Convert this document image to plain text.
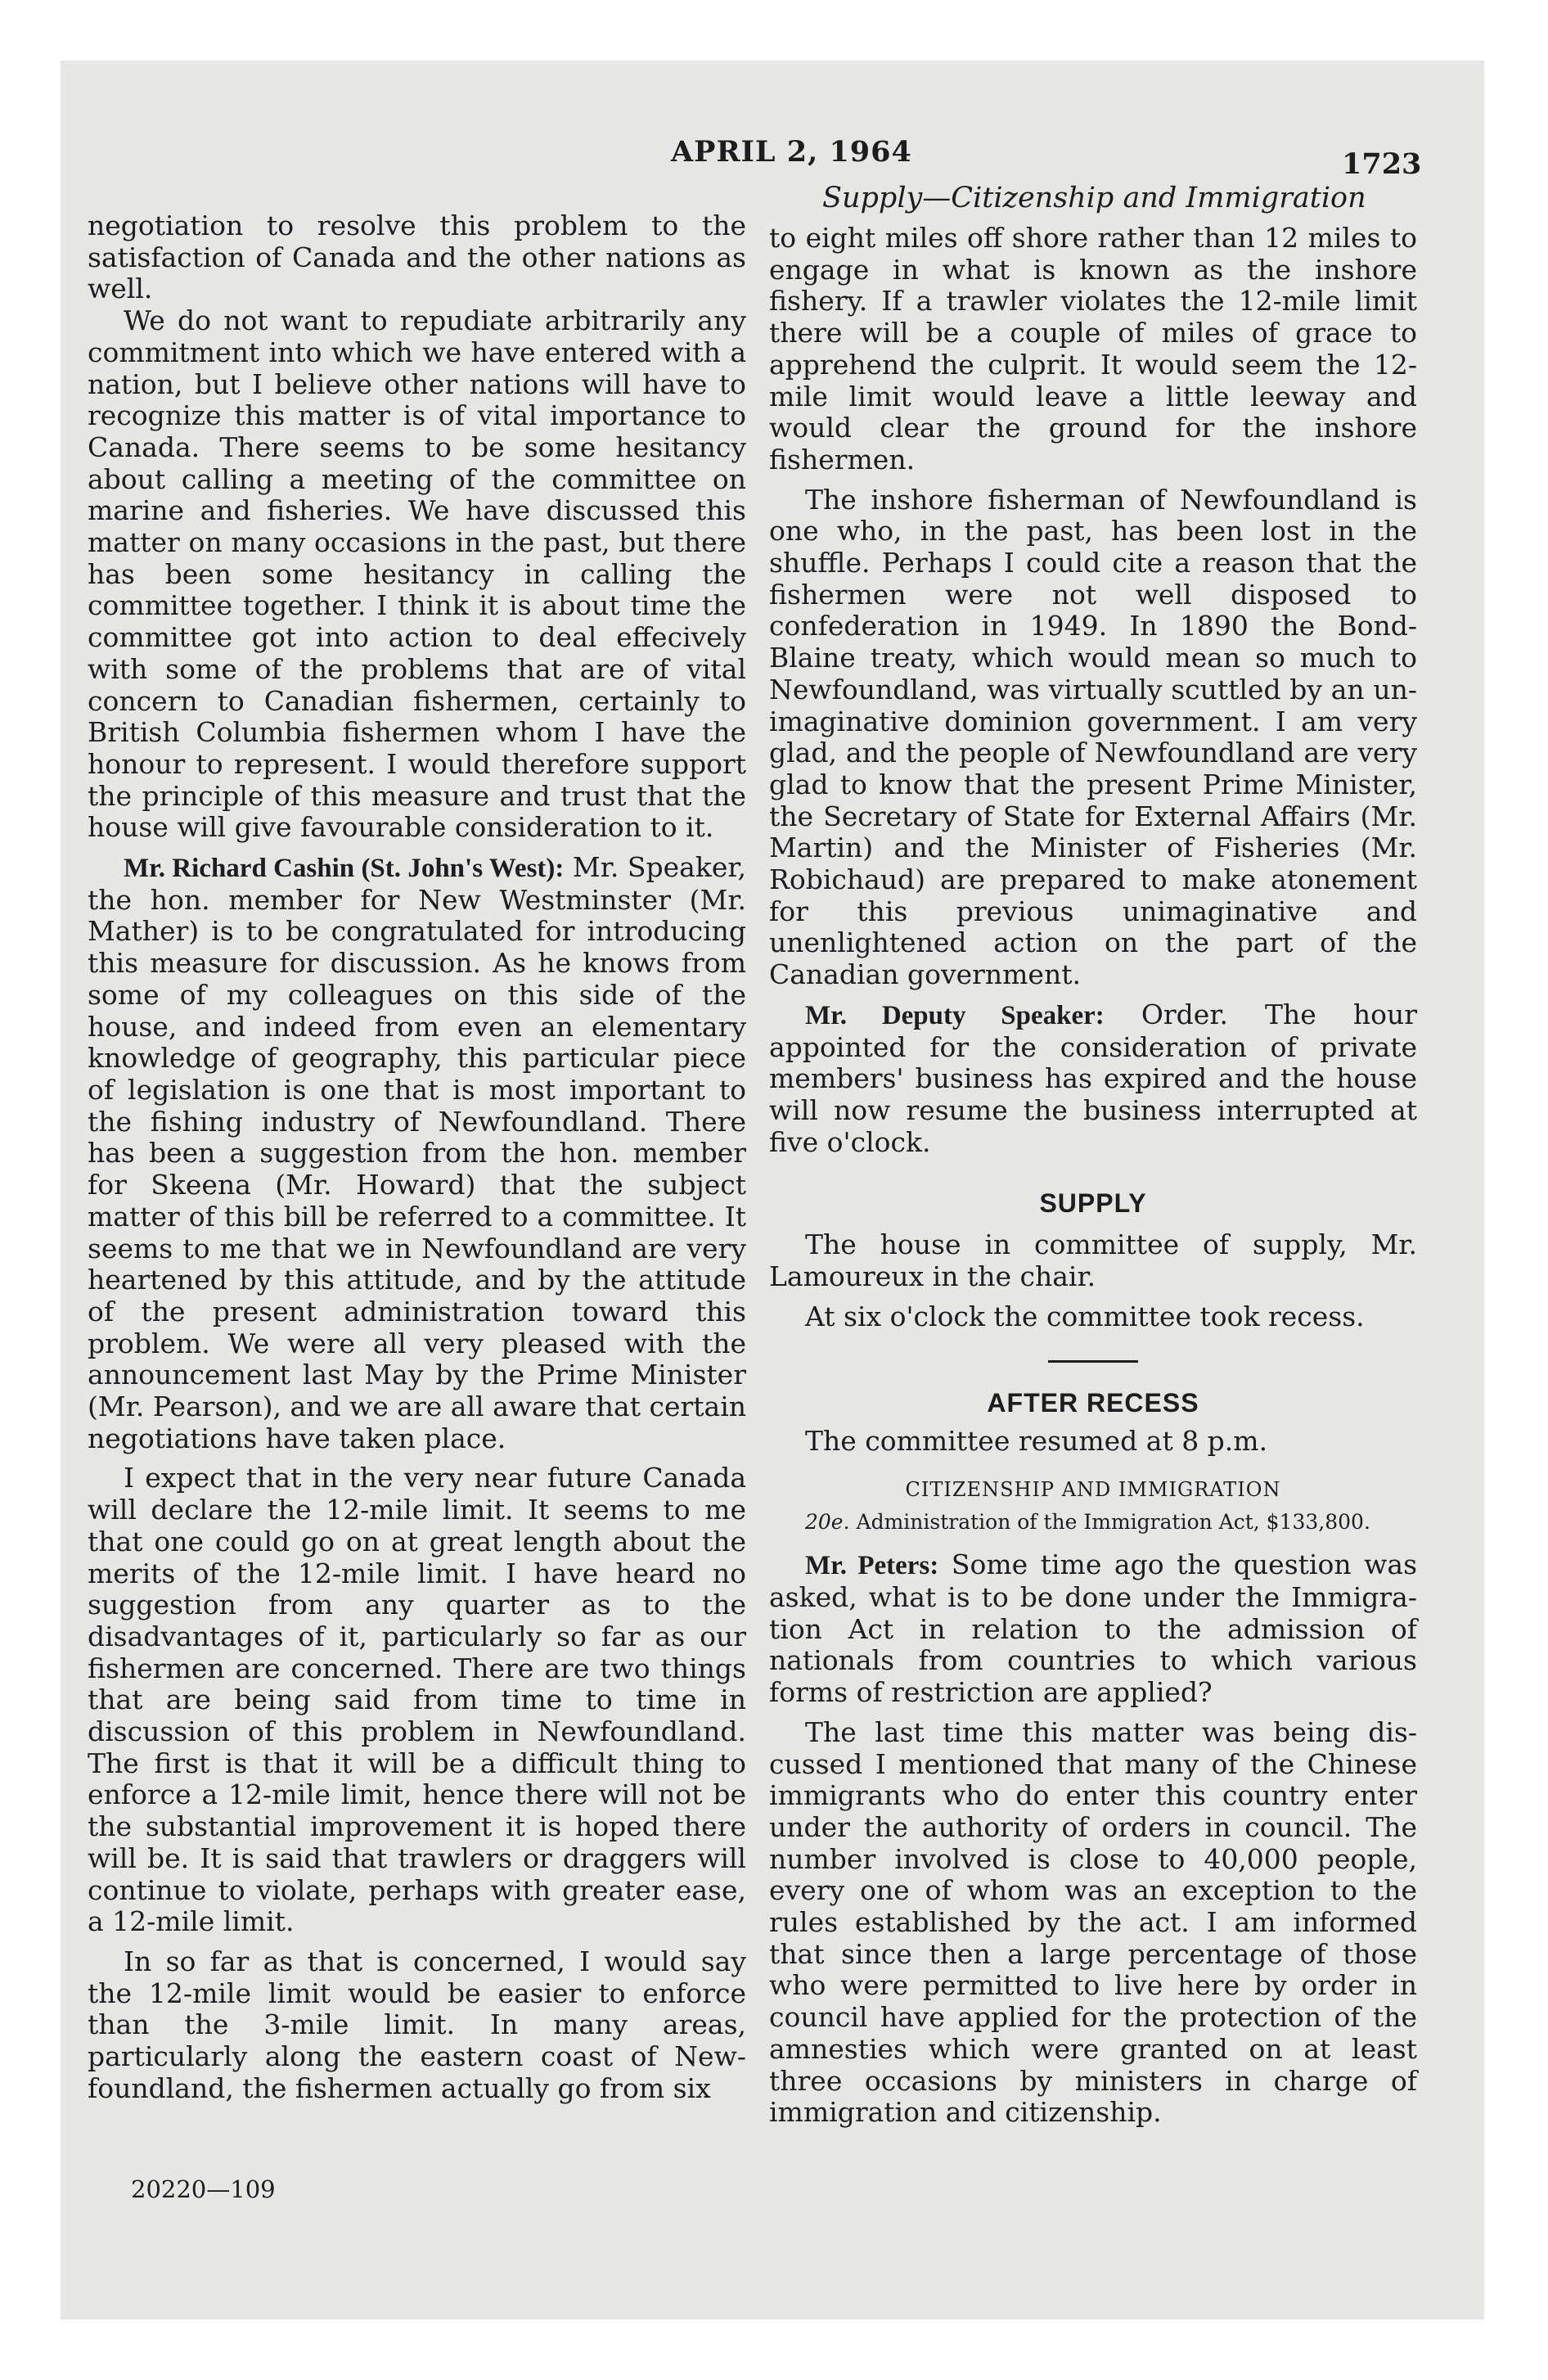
APRIL 2, 1964	1723
Supply—Citizenship and Immigration

negotiation to resolve this problem to the satisfaction of Canada and the other nations as well.

We do not want to repudiate arbitrarily any commitment into which we have entered with a nation, but I believe other nations will have to recognize this matter is of vital importance to Canada. There seems to be some hesitancy about calling a meeting of the committee on marine and fisheries. We have discussed this matter on many occasions in the past, but there has been some hesitancy in calling the committee together. I think it is about time the committee got into action to deal effecively with some of the problems that are of vital concern to Canadian fishermen, certainly to British Columbia fishermen whom I have the honour to represent. I would therefore support the principle of this measure and trust that the house will give favourable consideration to it.

Mr. Richard Cashin (St. John's West): Mr. Speaker, the hon. member for New Westminster (Mr. Mather) is to be congratulated for introducing this measure for discussion. As he knows from some of my colleagues on this side of the house, and indeed from even an elementary knowledge of geography, this particular piece of legislation is one that is most important to the fishing industry of Newfoundland. There has been a suggestion from the hon. member for Skeena (Mr. Howard) that the subject matter of this bill be referred to a committee. It seems to me that we in Newfoundland are very heartened by this attitude, and by the attitude of the present administration toward this problem. We were all very pleased with the announcement last May by the Prime Minister (Mr. Pearson), and we are all aware that certain negotiations have taken place.

I expect that in the very near future Canada will declare the 12-mile limit. It seems to me that one could go on at great length about the merits of the 12-mile limit. I have heard no suggestion from any quarter as to the disadvantages of it, particularly so far as our fishermen are concerned. There are two things that are being said from time to time in discussion of this problem in Newfoundland. The first is that it will be a difficult thing to enforce a 12-mile limit, hence there will not be the substantial improvement it is hoped there will be. It is said that trawlers or draggers will continue to violate, perhaps with greater ease, a 12-mile limit.

In so far as that is concerned, I would say the 12-mile limit would be easier to enforce than the 3-mile limit. In many areas, particularly along the eastern coast of Newfoundland, the fishermen actually go from six

to eight miles off shore rather than 12 miles to engage in what is known as the inshore fishery. If a trawler violates the 12-mile limit there will be a couple of miles of grace to apprehend the culprit. It would seem the 12-mile limit would leave a little leeway and would clear the ground for the inshore fishermen.

The inshore fisherman of Newfoundland is one who, in the past, has been lost in the shuffle. Perhaps I could cite a reason that the fishermen were not well disposed to confederation in 1949. In 1890 the Bond-Blaine treaty, which would mean so much to Newfoundland, was virtually scuttled by an unimaginative dominion government. I am very glad, and the people of Newfoundland are very glad to know that the present Prime Minister, the Secretary of State for External Affairs (Mr. Martin) and the Minister of Fisheries (Mr. Robichaud) are prepared to make atonement for this previous unimaginative and unenlightened action on the part of the Canadian government.

Mr. Deputy Speaker: Order. The hour appointed for the consideration of private members' business has expired and the house will now resume the business interrupted at five o'clock.

SUPPLY

The house in committee of supply, Mr. Lamoureux in the chair.

At six o'clock the committee took recess.

AFTER RECESS

The committee resumed at 8 p.m.

CITIZENSHIP AND IMMIGRATION

20e. Administration of the Immigration Act, $133,800.

Mr. Peters: Some time ago the question was asked, what is to be done under the Immigration Act in relation to the admission of nationals from countries to which various forms of restriction are applied?

The last time this matter was being discussed I mentioned that many of the Chinese immigrants who do enter this country enter under the authority of orders in council. The number involved is close to 40,000 people, every one of whom was an exception to the rules established by the act. I am informed that since then a large percentage of those who were permitted to live here by order in council have applied for the protection of the amnesties which were granted on at least three occasions by ministers in charge of immigration and citizenship.

20220—109
